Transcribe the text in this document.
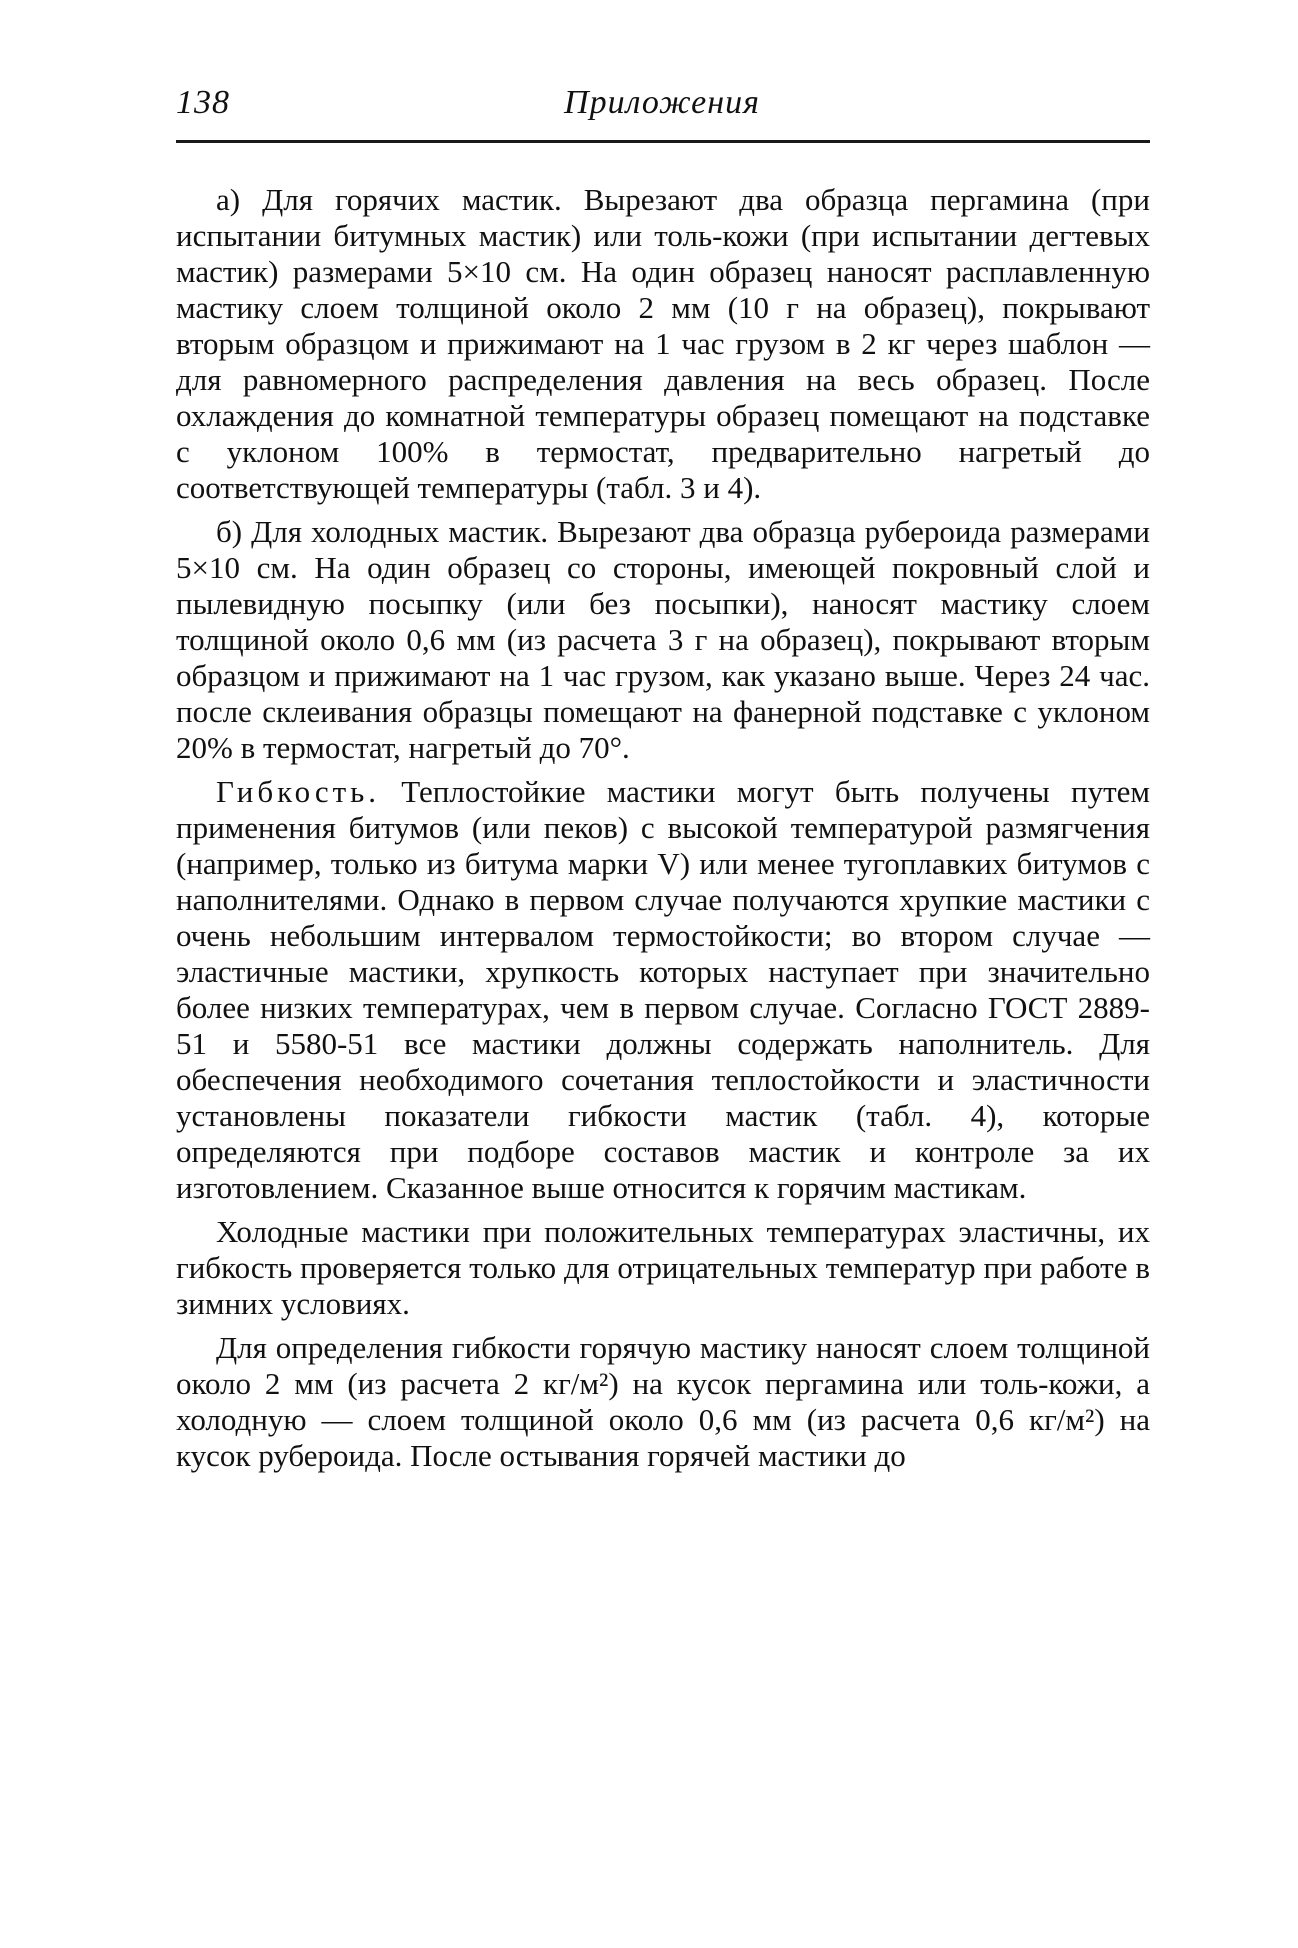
138	Приложения

а) Для горячих мастик. Вырезают два образца пергамина (при испытании битумных мастик) или толь-кожи (при испытании дегтевых мастик) размерами 5×10 см. На один образец наносят расплавленную мастику слоем толщиной около 2 мм (10 г на образец), покрывают вторым образцом и прижимают на 1 час грузом в 2 кг через шаблон — для равномерного распределения давления на весь образец. После охлаждения до комнатной температуры образец помещают на подставке с уклоном 100% в термостат, предварительно нагретый до соответствующей температуры (табл. 3 и 4).

б) Для холодных мастик. Вырезают два образца рубероида размерами 5×10 см. На один образец со стороны, имеющей покровный слой и пылевидную посыпку (или без посыпки), наносят мастику слоем толщиной около 0,6 мм (из расчета 3 г на образец), покрывают вторым образцом и прижимают на 1 час грузом, как указано выше. Через 24 час. после склеивания образцы помещают на фанерной подставке с уклоном 20% в термостат, нагретый до 70°.

Гибкость. Теплостойкие мастики могут быть получены путем применения битумов (или пеков) с высокой температурой размягчения (например, только из битума марки V) или менее тугоплавких битумов с наполнителями. Однако в первом случае получаются хрупкие мастики с очень небольшим интервалом термостойкости; во втором случае — эластичные мастики, хрупкость которых наступает при значительно более низких температурах, чем в первом случае. Согласно ГОСТ 2889-51 и 5580-51 все мастики должны содержать наполнитель. Для обеспечения необходимого сочетания теплостойкости и эластичности установлены показатели гибкости мастик (табл. 4), которые определяются при подборе составов мастик и контроле за их изготовлением. Сказанное выше относится к горячим мастикам.

Холодные мастики при положительных температурах эластичны, их гибкость проверяется только для отрицательных температур при работе в зимних условиях.

Для определения гибкости горячую мастику наносят слоем толщиной около 2 мм (из расчета 2 кг/м²) на кусок пергамина или толь-кожи, а холодную — слоем толщиной около 0,6 мм (из расчета 0,6 кг/м²) на кусок рубероида. После остывания горячей мастики до
